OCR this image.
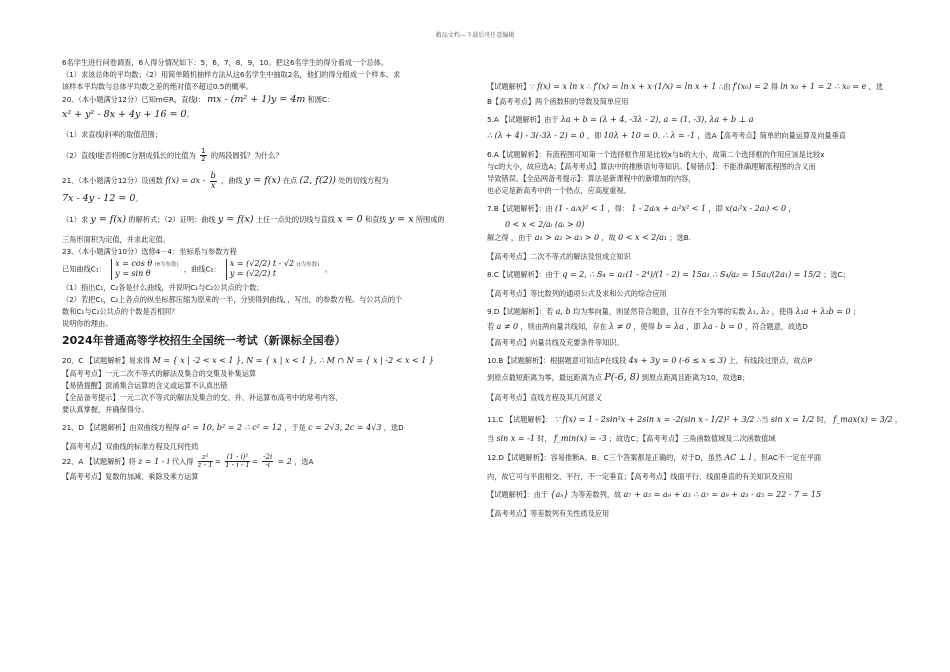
精品文档---下载后可任意编辑
6名学生进行问卷调查，6人得分情况如下：5，6，7，8，9，10。把这6名学生的得分看成一个总体。
（1）求该总体的平均数；（2）用简单随机抽样方法从这6名学生中抽取2名，他们的得分组成一个样本。求
该样本平均数与总体平均数之差的绝对值不超过0.5的概率。
20、（本小题满分12分）已知m∈R，直线l： mx - (m² + 1)y = 4m 和圆C：
x² + y² - 8x + 4y + 16 = 0。
（1）求直线l斜率的取值范围；
（2）直线l能否将圆C分割成弧长的比值为 $\frac{1}{2}$ 的两段圆弧？为什么？
21、（本小题满分12分）设函数 f(x) = ax - $\frac{b}{x}$ ，曲线 y = f(x) 在点 (2, f(2)) 处的切线方程为
7x - 4y - 12 = 0。
（1）求 y = f(x) 的解析式；（2）证明：曲线 y = f(x) 上任一点处的切线与直线 x = 0 和直线 y = x 所围成的
三角形面积为定值，并求此定值。
23、（本小题满分10分）选修4－4：坐标系与参数方程
已知曲线C₁： x = cos θ (θ为参数)
y = sin θ ，曲线C₂： x = (√2/2) t - √2 (t为参数)
y = (√2/2) t 。
（1）指出C₁，C₂各是什么曲线，并说明C₁与C₂公共点的个数；
（2）若把C₁，C₂上各点的纵坐标都压缩为原来的一半，分别得到曲线，，写出，的参数方程。与公共点的个
数和C₁与C₂公共点的个数是否相同？
说明你的理由。
2024年普通高等学校招生全国统一考试（新课标全国卷）
20、C 【试题解析】易求得 M = { x | -2 < x < 1 }, N = { x | x < 1 }, ∴ M ∩ N = { x | -2 < x < 1 }
【高考考点】一元二次不等式的解法及集合的交集及补集运算
【易错提醒】混淆集合运算的含义或运算不认真出错
【全品备考提示】一元二次不等式的解法及集合的交、并、补运算布高考中的常考内容，
要认真掌握，并确保得分。
21、D 【试题解析】由双曲线方程得 a² = 10, b² = 2 ∴ c² = 12 ，于是 c = 2√3, 2c = 4√3 ，选D
【高考考点】双曲线的标准方程及几何性质
22、A 【试题解析】将 z = 1 - i 代入得 $\frac{\text{z²}}{z - 1} = \frac{\text{(1 - i)²}}{1 - i - 1} = \frac{-2i}{-i} = 2$ ，选A
【高考考点】复数的加减、乘除及乘方运算
【试题解析】∵ f(x) = x ln x ∴ f′(x) = ln x + x·(1/x) = ln x + 1 ∴由 f′(x₀) = 2 得 ln x₀ + 1 = 2 ∴ x₀ = e ，选
B【高考考点】两个函数积的导数及简单应用
5.A 【试题解析】由于 λa + b = (λ + 4, -3λ - 2), a = (1, -3), λa + b ⊥ a
∴ (λ + 4) - 3(-3λ - 2) = 0 ，即 10λ + 10 = 0. ∴ λ = -1 ，选A【高考考点】简单的向量运算及向量垂直
6.A【试题解析】：有流程图可知第一个选择框作用是比较x与b的大小，故第二个选择框的作用应该是比较x
与c的大小，故应选A；【高考考点】算法中的推断语句等知识。【易错点】：不能准确理解流程图的含义而
导致错误。【全品网备考提示】：算法是新课程中的新增加的内容，
也必定是新高考中的一个热点，应高度重视。
7.B【试题解析】：由 (1 - aᵢx)² < 1 ，得： 1 - 2aᵢx + aᵢ²x² < 1 ，即 x(aᵢ²x - 2aᵢ) < 0 ，
0 < x < 2/aᵢ (aᵢ > 0)
解之得 ，由于 a₁ > a₂ > a₃ > 0 ，故 0 < x < 2/a₁ ；选B.
【高考考点】二次不等式的解法及恒成立知识
8.C【试题解析】：由于 q = 2, ∴ S₄ = a₁(1 - 2⁴)/(1 - 2) = 15a₁ ∴ S₄/a₂ = 15a₁/(2a₁) = 15/2 ；选C；
【高考考点】等比数列的通项公式及求和公式的综合应用
9.D【试题解析】：若 a, b 均为零向量，则显然符合题意，且存在不全为零的实数 λ₁, λ₂ ，使得 λ₁a + λ₂b = 0 ；
若 a ≠ 0 ，则由两向量共线知，存在 λ ≠ 0 ，使得 b = λa ，即 λa - b = 0 ，符合题意，故选D
【高考考点】向量共线及充要条件等知识。
10.B【试题解析】：根据题意可知点P在线段 4x + 3y = 0 (-6 ≤ x ≤ 3) 上，有线段过原点，故点P
到原点最短距离为零，最远距离为点 P(-6, 8) 到原点距离且距离为10，故选B；
【高考考点】直线方程及其几何意义
11.C 【试题解析】： ∵ f(x) = 1 - 2sin²x + 2sin x = -2(sin x - 1/2)² + 3/2 ∴当 sin x = 1/2 时， f_max(x) = 3/2 ，
当 sin x = -1 时， f_min(x) = -3 ；故选C；【高考考点】三角函数值域及二次函数值域
12.D【试题解析】：容易推断A、B、C三个答案都是正确的，对于D，虽然 AC ⊥ l ，但AC不一定在平面
内，故它可与平面相交、平行，不一定垂直；【高考考点】线面平行、线面垂直的有关知识及应用
【试题解析】：由于 {aₙ} 为等差数列，故 a₇ + a₅ = a₉ + a₃ ∴ a₇ = a₉ + a₃ - a₅ = 22 - 7 = 15
【高考考点】等差数列有关性质及应用
